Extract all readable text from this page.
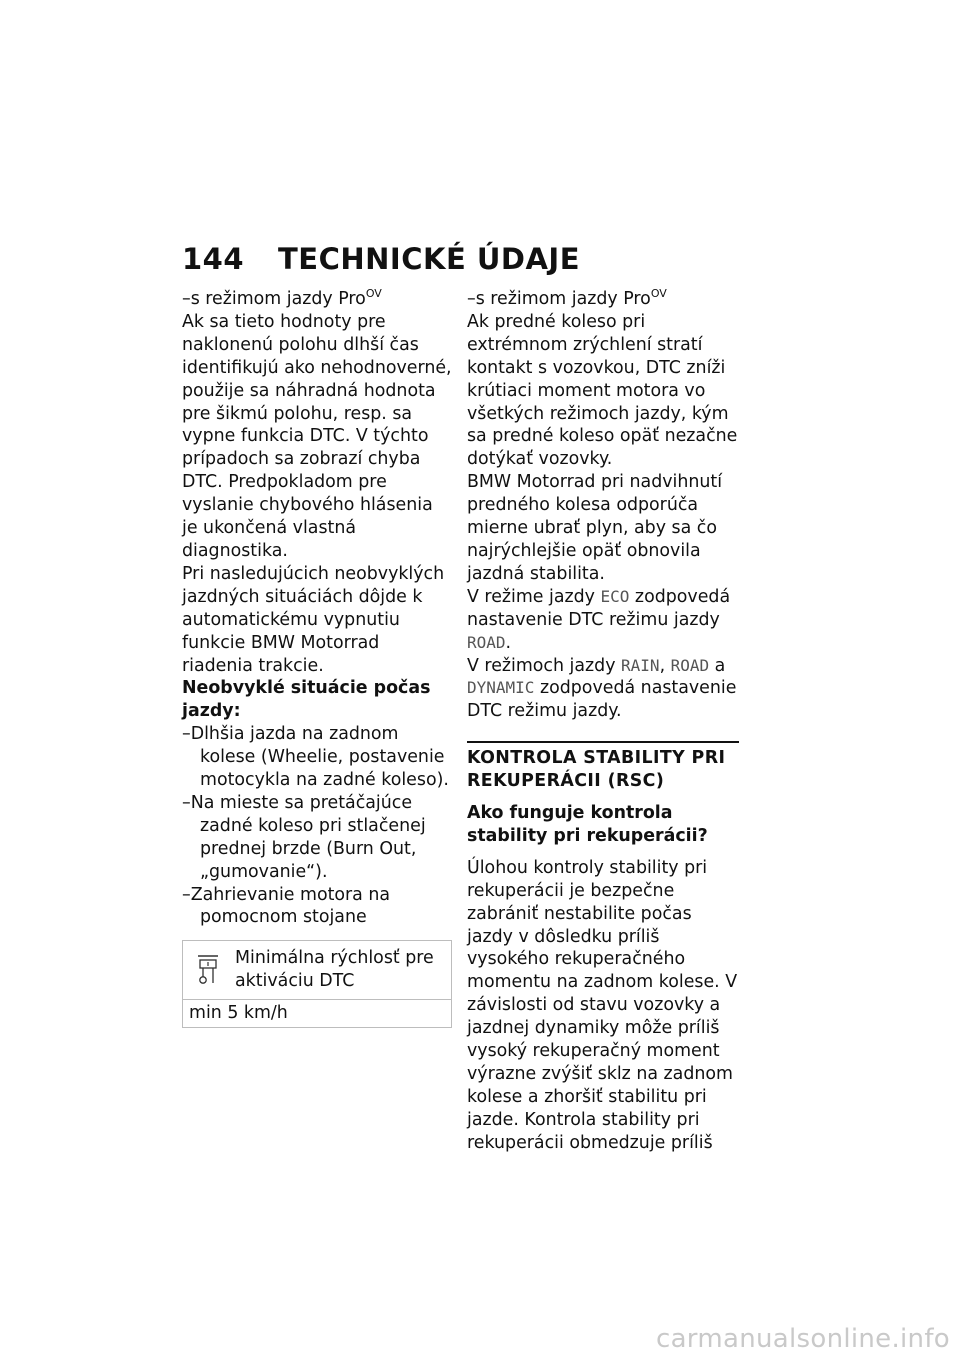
144 TECHNICKÉ ÚDAJE

–s režimom jazdy Pro$^{OV}$

Ak sa tieto hodnoty pre naklonenú polohu dlhší čas identifikujú ako nehodnoverné, použije sa náhradná hodnota pre šikmú polohu, resp. sa vypne funkcia DTC. V týchto prípadoch sa zobrazí chyba DTC. Predpokladom pre vyslanie chybového hlásenia je ukončená vlastná diagnostika.

Pri nasledujúcich neobvyklých jazdných situáciách dôjde k automatickému vypnutiu funkcie BMW Motorrad riadenia trakcie.

Neobvyklé situácie počas jazdy:

–Dlhšia jazda na zadnom kolese (Wheelie, postavenie motocykla na zadné koleso).

–Na mieste sa pretáčajúce zadné koleso pri stlačenej prednej brzde (Burn Out, „gumovanie“).

–Zahrievanie motora na pomocnom stojane

Minimálna rýchlosť pre aktiváciu DTC
min 5 km/h

–s režimom jazdy Pro$^{OV}$

Ak predné koleso pri extrémnom zrýchlení stratí kontakt s vozovkou, DTC zníži krútiaci moment motora vo všetkých režimoch jazdy, kým sa predné koleso opäť nezačne dotýkať vozovky.

BMW Motorrad pri nadvihnutí predného kolesa odporúča mierne ubrať plyn, aby sa čo najrýchlejšie opäť obnovila jazdná stabilita.

V režime jazdy ECO zodpovedá nastavenie DTC režimu jazdy ROAD.

V režimoch jazdy RAIN, ROAD a DYNAMIC zodpovedá nastavenie DTC režimu jazdy.

KONTROLA STABILITY PRI REKUPERÁCII (RSC)

Ako funguje kontrola stability pri rekuperácii?

Úlohou kontroly stability pri rekuperácii je bezpečne zabrániť nestabilite počas jazdy v dôsledku príliš vysokého rekuperačného momentu na zadnom kolese. V závislosti od stavu vozovky a jazdnej dynamiky môže príliš vysoký rekuperačný moment výrazne zvýšiť sklz na zadnom kolese a zhoršiť stabilitu pri jazde. Kontrola stability pri rekuperácii obmedzuje príliš

carmanualsonline.info
